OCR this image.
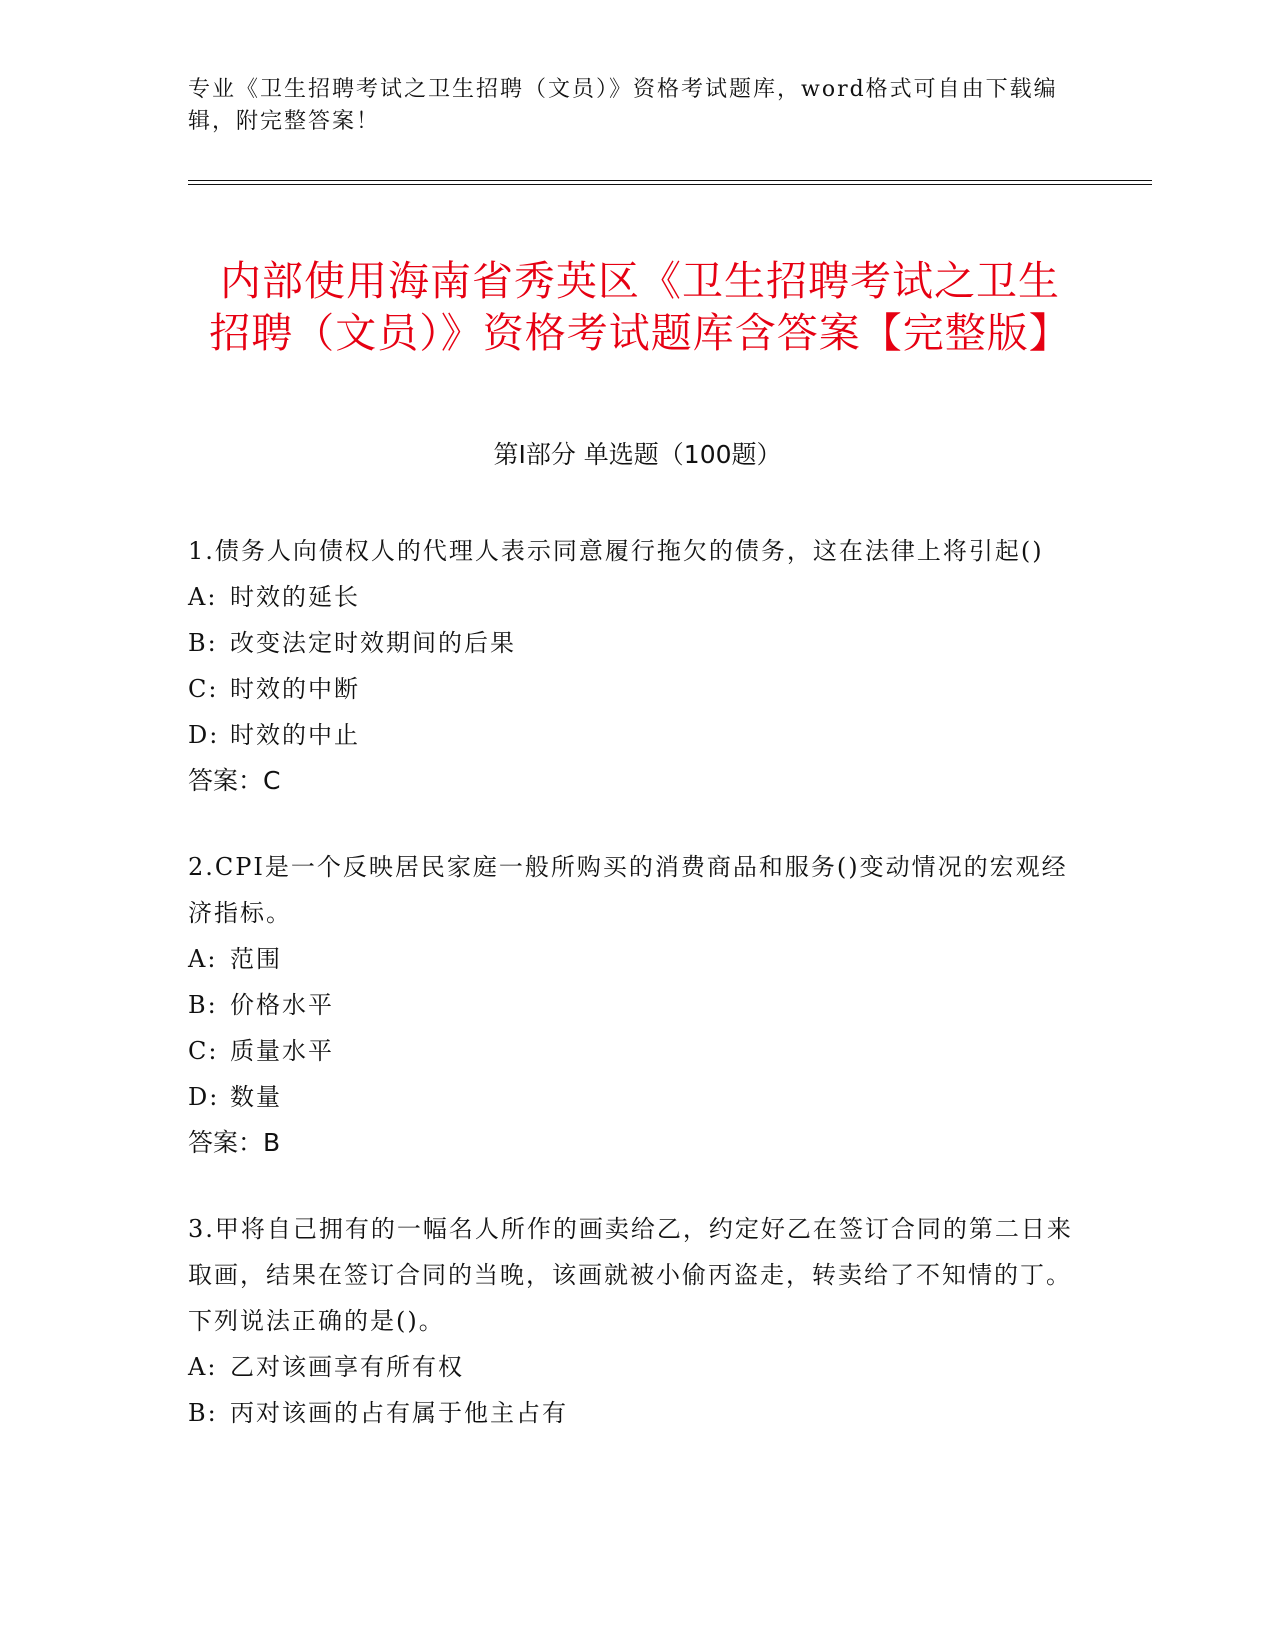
专业《卫生招聘考试之卫生招聘（文员）》资格考试题库，word格式可自由下载编辑，附完整答案！
内部使用海南省秀英区《卫生招聘考试之卫生招聘（文员）》资格考试题库含答案【完整版】
第Ⅰ部分 单选题（100题）
1.债务人向债权人的代理人表示同意履行拖欠的债务，这在法律上将引起()
A: 时效的延长
B: 改变法定时效期间的后果
C: 时效的中断
D: 时效的中止
答案：C
2.CPI是一个反映居民家庭一般所购买的消费商品和服务()变动情况的宏观经济指标。
A: 范围
B: 价格水平
C: 质量水平
D: 数量
答案：B
3.甲将自己拥有的一幅名人所作的画卖给乙，约定好乙在签订合同的第二日来取画，结果在签订合同的当晚，该画就被小偷丙盗走，转卖给了不知情的丁。下列说法正确的是()。
A: 乙对该画享有所有权
B: 丙对该画的占有属于他主占有
